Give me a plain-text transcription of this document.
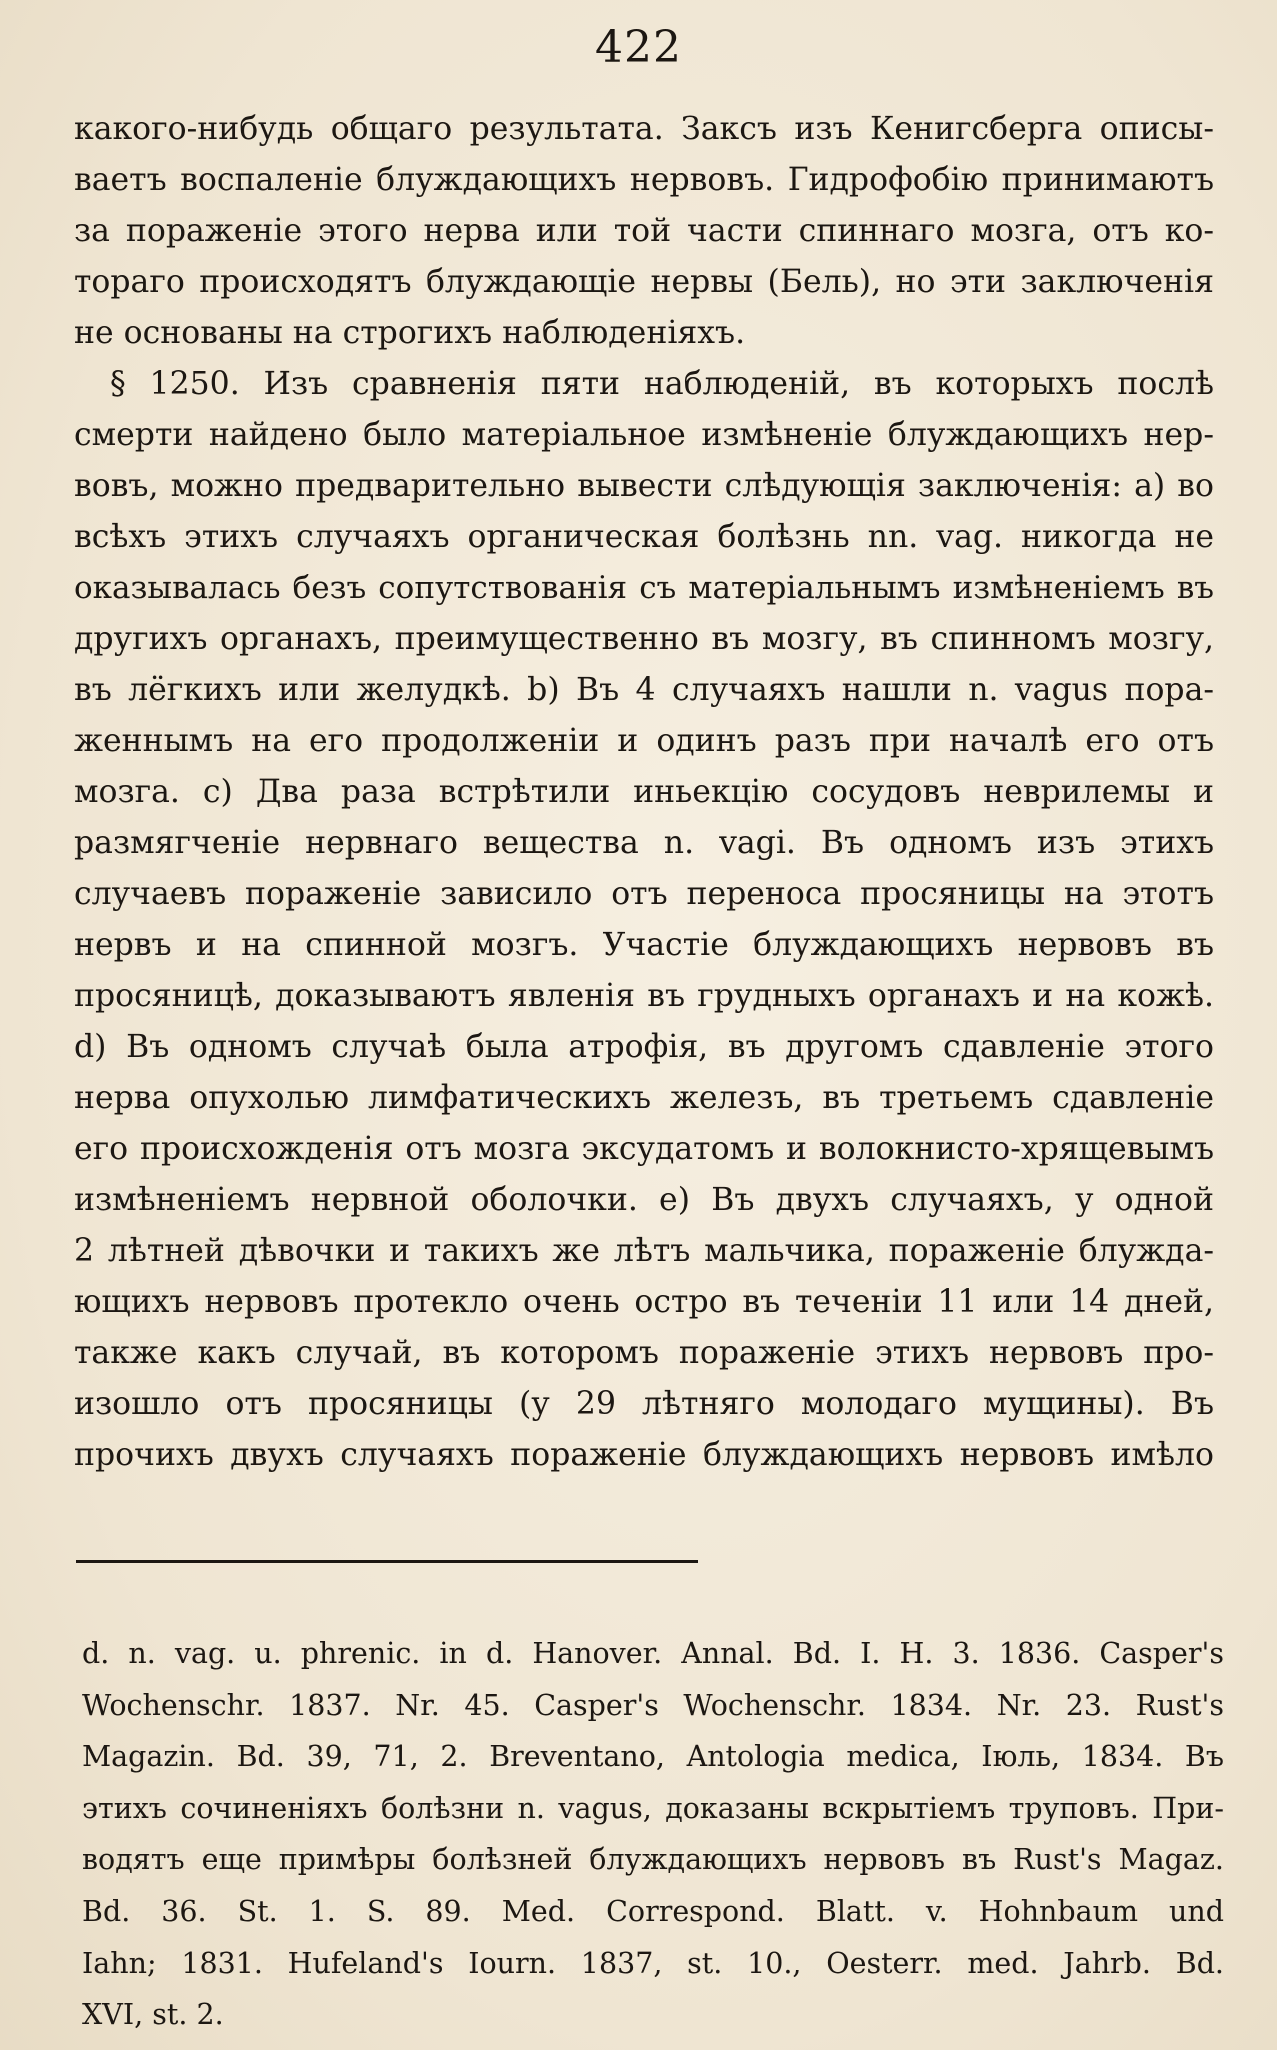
422
какого-нибудь общаго результата. Заксъ изъ Кенигсберга описы-
ваетъ воспаленіе блуждающихъ нервовъ. Гидрофобію принимаютъ
за пораженіе этого нерва или той части спиннаго мозга, отъ ко-
тораго происходятъ блуждающіе нервы (Бель), но эти заключенія
не основаны на строгихъ наблюденіяхъ.
§ 1250. Изъ сравненія пяти наблюденій, въ которыхъ послѣ
смерти найдено было матеріальное измѣненіе блуждающихъ нер-
вовъ, можно предварительно вывести слѣдующія заключенія: a) во
всѣхъ этихъ случаяхъ органическая болѣзнь nn. vag. никогда не
оказывалась безъ сопутствованія съ матеріальнымъ измѣненіемъ въ
другихъ органахъ, преимущественно въ мозгу, въ спинномъ мозгу,
въ лёгкихъ или желудкѣ. b) Въ 4 случаяхъ нашли n. vagus пора-
женнымъ на его продолженіи и одинъ разъ при началѣ его отъ
мозга. c) Два раза встрѣтили иньекцію сосудовъ неврилемы и
размягченіе нервнаго вещества n. vagi. Въ одномъ изъ этихъ
случаевъ пораженіе зависило отъ переноса просяницы на этотъ
нервъ и на спинной мозгъ. Участіе блуждающихъ нервовъ въ
просяницѣ, доказываютъ явленія въ грудныхъ органахъ и на кожѣ.
d) Въ одномъ случаѣ была атрофія, въ другомъ сдавленіе этого
нерва опухолью лимфатическихъ железъ, въ третьемъ сдавленіе
его происхожденія отъ мозга эксудатомъ и волокнисто-хрящевымъ
измѣненіемъ нервной оболочки. e) Въ двухъ случаяхъ, у одной
2 лѣтней дѣвочки и такихъ же лѣтъ мальчика, пораженіе блужда-
ющихъ нервовъ протекло очень остро въ теченіи 11 или 14 дней,
также какъ случай, въ которомъ пораженіе этихъ нервовъ про-
изошло отъ просяницы (у 29 лѣтняго молодаго мущины). Въ
прочихъ двухъ случаяхъ пораженіе блуждающихъ нервовъ имѣло
d. n. vag. u. phrenic. in d. Hanover. Annal. Bd. I. H. 3. 1836. Casper's
Wochenschr. 1837. Nr. 45. Casper's Wochenschr. 1834. Nr. 23. Rust's
Magazin. Bd. 39, 71, 2. Breventano, Antologia medica, Іюль, 1834. Въ
этихъ сочиненіяхъ болѣзни n. vagus, доказаны вскрытіемъ труповъ. При-
водятъ еще примѣры болѣзней блуждающихъ нервовъ въ Rust's Magaz.
Bd. 36. St. 1. S. 89. Med. Correspond. Blatt. v. Hohnbaum und
Iahn; 1831. Hufeland's Iourn. 1837, st. 10., Oesterr. med. Jahrb. Bd.
XVI, st. 2.
